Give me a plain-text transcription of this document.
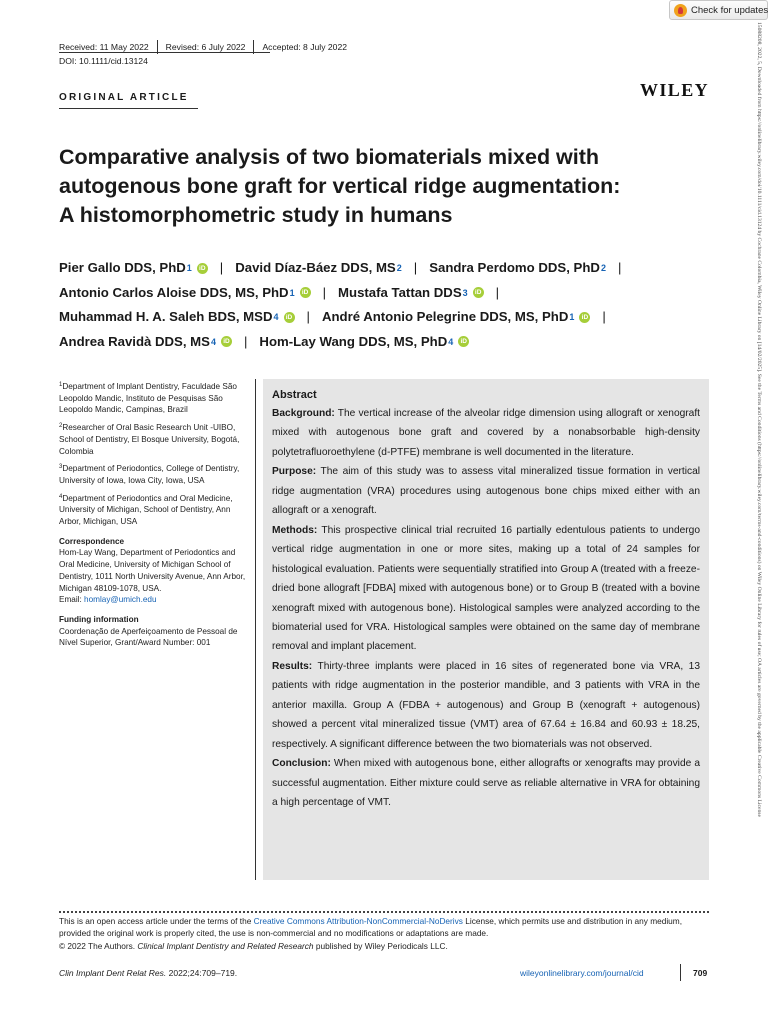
Check for updates
Received: 11 May 2022 Revised: 6 July 2022 Accepted: 8 July 2022
DOI: 10.1111/cid.13124
ORIGINAL ARTICLE	WILEY
Comparative analysis of two biomaterials mixed with
autogenous bone graft for vertical ridge augmentation:
A histomorphometric study in humans
Pier Gallo DDS, PhD 1	iD | David Díaz-Báez DDS, MS 2 | Sandra Perdomo DDS, PhD 2 |
Antonio Carlos Aloise DDS, MS, PhD 1	iD | Mustafa Tattan DDS 3	iD |
Muhammad H. A. Saleh BDS, MSD 4	iD | André Antonio Pelegrine DDS, MS, PhD 1	iD |
Andrea Ravidà DDS, MS 4	iD | Hom-Lay Wang DDS, MS, PhD 4	iD

$^1$Department of Implant Dentistry, Faculdade São Leopoldo Mandic, Instituto de Pesquisas São Leopoldo Mandic, Campinas, Brazil

$^2$Researcher of Oral Basic Research Unit -UIBO, School of Dentistry, El Bosque University, Bogotá, Colombia

$^3$Department of Periodontics, College of Dentistry, University of Iowa, Iowa City, Iowa, USA

$^4$Department of Periodontics and Oral Medicine, University of Michigan, School of Dentistry, Ann Arbor, Michigan, USA

Correspondence

Hom-Lay Wang, Department of Periodontics and Oral Medicine, University of Michigan School of Dentistry, 1011 North University Avenue, Ann Arbor, Michigan 48109-1078, USA.

Email: homlay@umich.edu

Funding information

Coordenação de Aperfeiçoamento de Pessoal de Nível Superior, Grant/Award Number: 001

Abstract

Background: The vertical increase of the alveolar ridge dimension using allograft or xenograft mixed with autogenous bone graft and covered by a nonabsorbable high-density polytetrafluoroethylene (d-PTFE) membrane is well documented in the literature.

Purpose: The aim of this study was to assess vital mineralized tissue formation in vertical ridge augmentation (VRA) procedures using autogenous bone chips mixed either with an allograft or a xenograft.

Methods: This prospective clinical trial recruited 16 partially edentulous patients to undergo vertical ridge augmentation in one or more sites, making up a total of 24 samples for histological evaluation. Patients were sequentially stratified into Group A (treated with a freeze-dried bone allograft [FDBA] mixed with autogenous bone) or to Group B (treated with a bovine xenograft mixed with autogenous bone). Histological samples were analyzed according to the biomaterial used for VRA. Histological samples were obtained on the same day of membrane removal and implant placement.

Results: Thirty-three implants were placed in 16 sites of regenerated bone via VRA, 13 patients with ridge augmentation in the posterior mandible, and 3 patients with VRA in the anterior maxilla. Group A (FDBA + autogenous) and Group B (xenograft + autogenous) showed a percent vital mineralized tissue (VMT) area of 67.64 ± 16.84 and 60.93 ± 18.25, respectively. A significant difference between the two biomaterials was not observed.

Conclusion: When mixed with autogenous bone, either allografts or xenografts may provide a successful augmentation. Either mixture could serve as reliable alternative in VRA for obtaining a high percentage of VMT.

This is an open access article under the terms of the Creative Commons Attribution-NonCommercial-NoDerivs License, which permits use and distribution in any medium, provided the original work is properly cited, the use is non-commercial and no modifications or adaptations are made.
© 2022 The Authors. Clinical Implant Dentistry and Related Research published by Wiley Periodicals LLC.
Clin Implant Dent Relat Res. 2022;24:709–719.	wileyonlinelibrary.com/journal/cid	709
15088208, 2022, 5, Downloaded from https://onlinelibrary.wiley.com/doi/10.1111/cid.13124 by Cochrane Colombia, Wiley Online Library on [14/02/2025]. See the Terms and Conditions (https://onlinelibrary.wiley.com/terms-and-conditions) on Wiley Online Library for rules of use; OA articles are governed by the applicable Creative Commons License
